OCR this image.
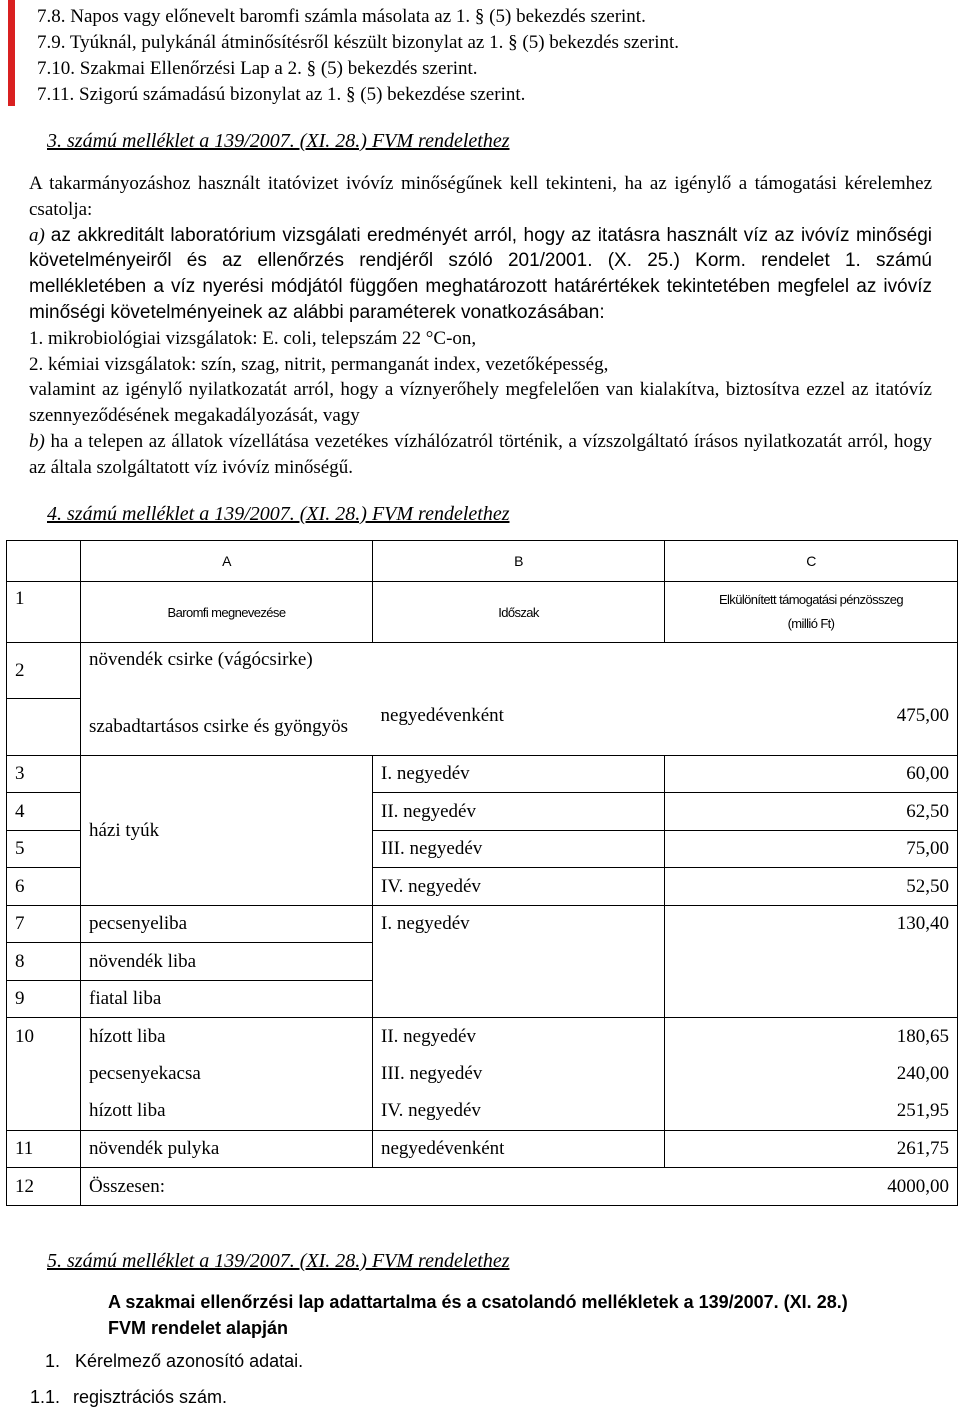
7.8. Napos vagy előnevelt baromfi számla másolata az 1. § (5) bekezdés szerint.
7.9. Tyúknál, pulykánál átminősítésről készült bizonylat az 1. § (5) bekezdés szerint.
7.10. Szakmai Ellenőrzési Lap a 2. § (5) bekezdés szerint.
7.11. Szigorú számadású bizonylat az 1. § (5) bekezdése szerint.
3. számú melléklet a 139/2007. (XI. 28.) FVM rendelethez

A takarmányozáshoz használt itatóvizet ivóvíz minőségűnek kell tekinteni, ha az igénylő a támogatási kérelemhez csatolja:

a) az akkreditált laboratórium vizsgálati eredményét arról, hogy az itatásra használt víz az ivóvíz minőségi követelményeiről és az ellenőrzés rendjéről szóló 201/2001. (X. 25.) Korm. rendelet 1. számú mellékletében a víz nyerési módjától függően meghatározott határértékek tekintetében megfelel az ivóvíz minőségi követelményeinek az alábbi paraméterek vonatkozásában:

1. mikrobiológiai vizsgálatok: E. coli, telepszám 22 °C-on,

2. kémiai vizsgálatok: szín, szag, nitrit, permanganát index, vezetőképesség,

valamint az igénylő nyilatkozatát arról, hogy a víznyerőhely megfelelően van kialakítva, biztosítva ezzel az itatóvíz szennyeződésének megakadályozását, vagy

b) ha a telepen az állatok vízellátása vezetékes vízhálózatról történik, a vízszolgáltató írásos nyilatkozatát arról, hogy az általa szolgáltatott víz ivóvíz minőségű.

4. számú melléklet a 139/2007. (XI. 28.) FVM rendelethez
	A	B	C
1	Baromfi megnevezése	Időszak	Elkülönített támogatási pénzösszeg
(millió Ft)

2	növendék csirke (vágócsirke)		
	szabadtartásos csirke és gyöngyös	negyedévenként	475,00

3	házi tyúk	I. negyedév	60,00
4		II. negyedév	62,50
5		III. negyedév	75,00
6		IV. negyedév	52,50
7	pecsenyeliba	I. negyedév	130,40
8	növendék liba		
9	fiatal liba		
10	hízott liba	II. negyedév	180,65
	pecsenyekacsa	III. negyedév	240,00
	hízott liba	IV. negyedév	251,95
11	növendék pulyka	negyedévenként	261,75
12	Összesen:		4000,00
5. számú melléklet a 139/2007. (XI. 28.) FVM rendelethez
A szakmai ellenőrzési lap adattartalma és a csatolandó mellékletek a 139/2007. (XI. 28.)
FVM rendelet alapján
1. Kérelmező azonosító adatai.
1.1. regisztrációs szám.
